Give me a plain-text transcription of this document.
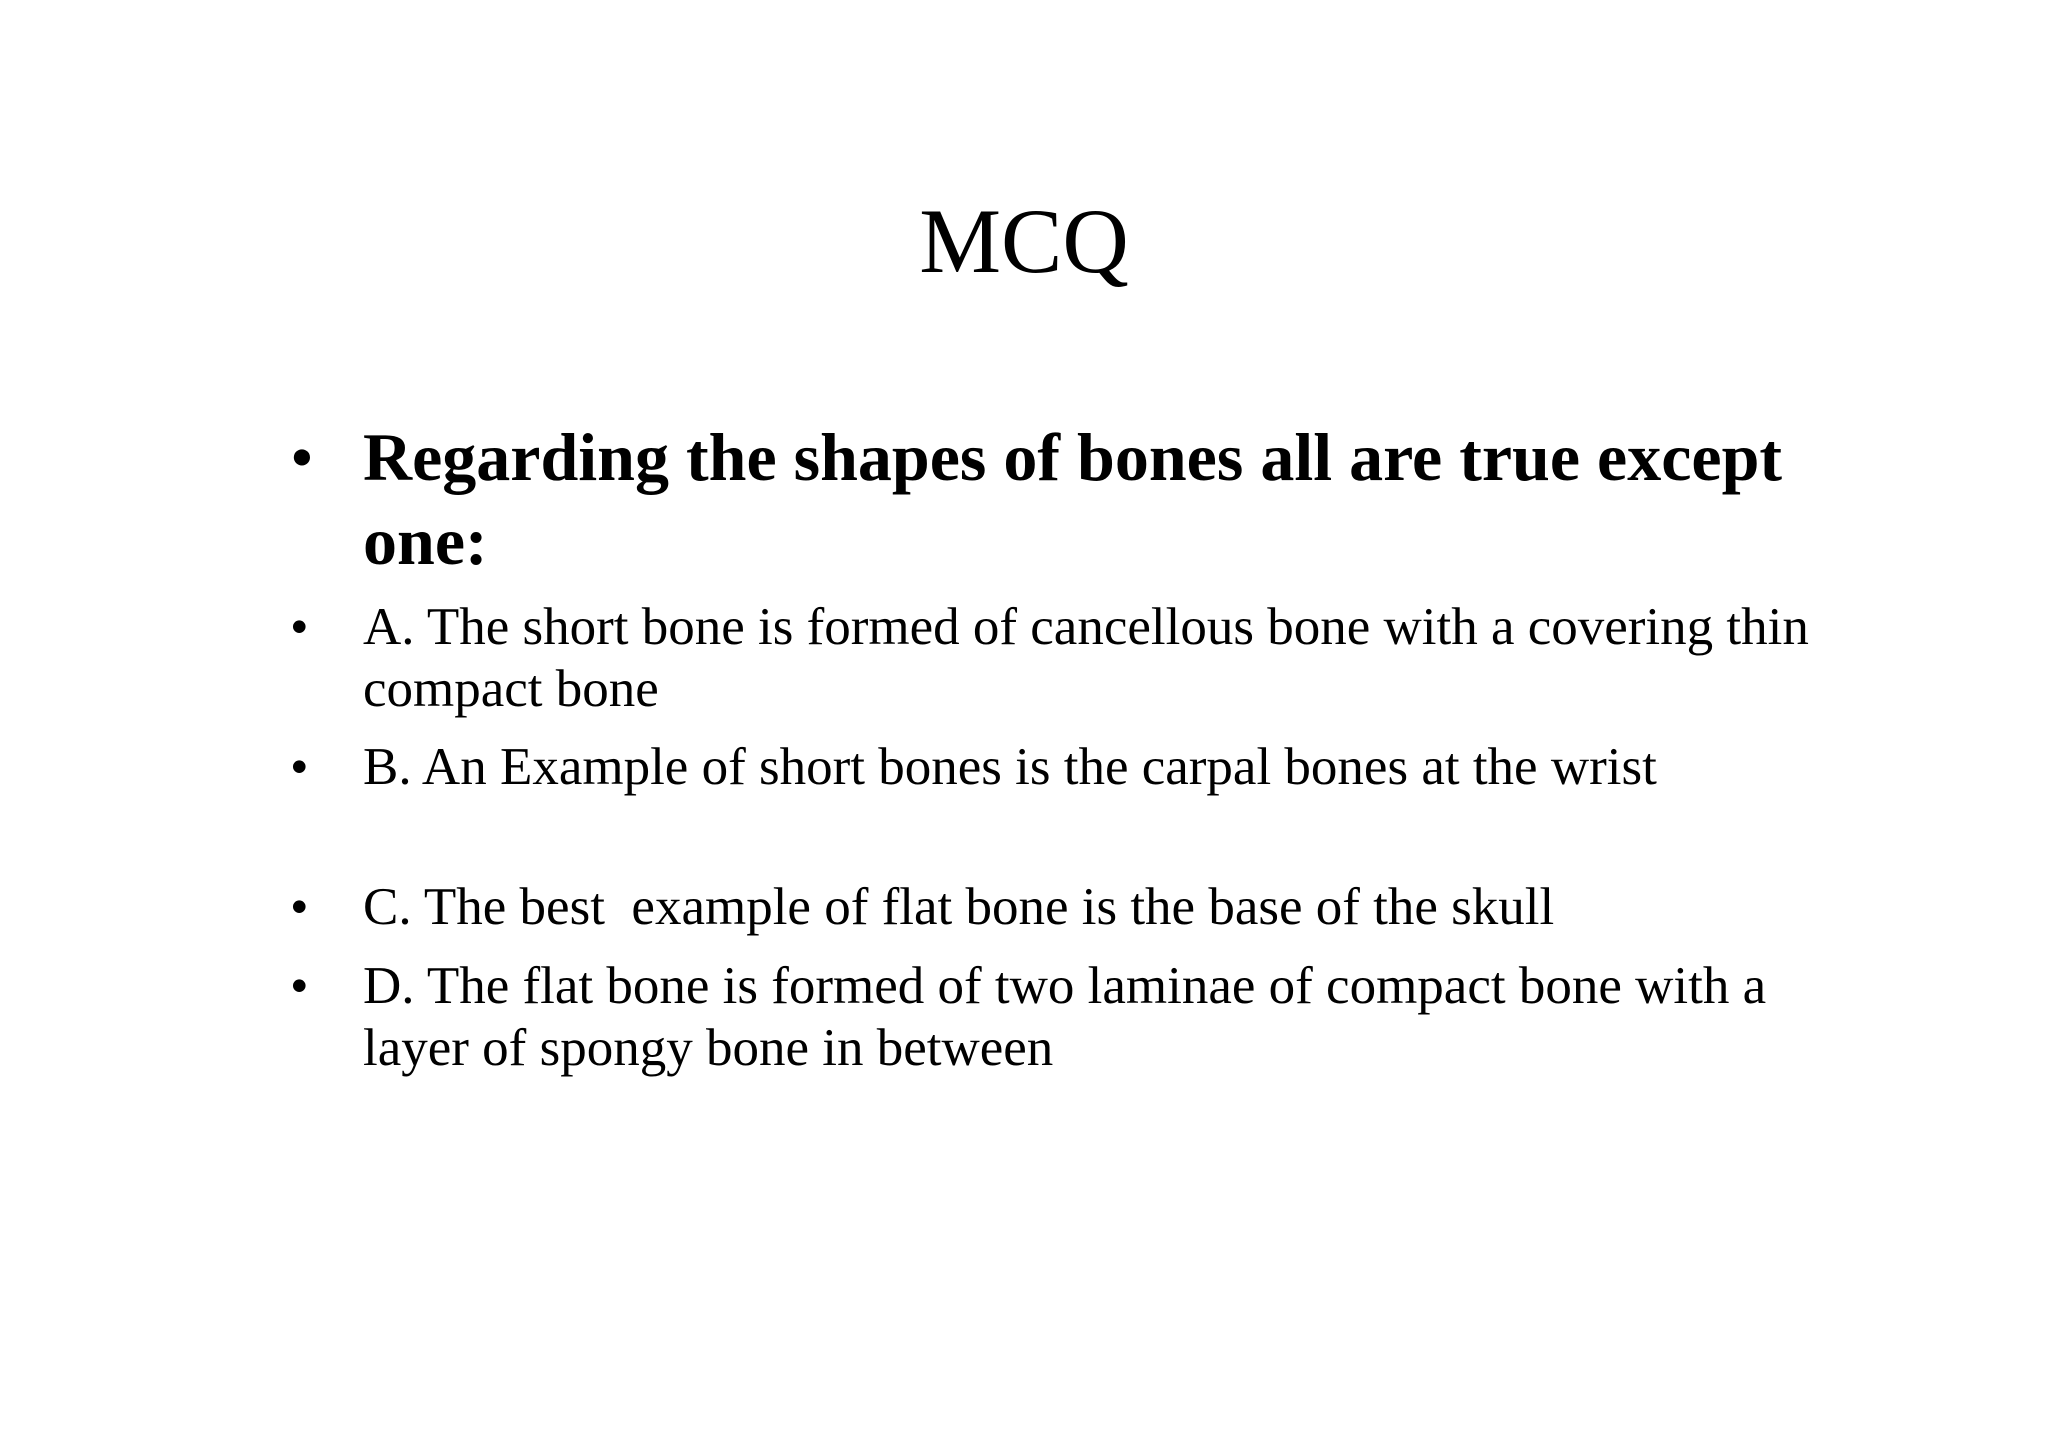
MCQ
• Regarding the shapes of bones all are true except one:
•	A. The short bone is formed of cancellous bone with a covering thin compact bone
•	B. An Example of short bones is the carpal bones at the wrist
•	C. The best  example of flat bone is the base of the skull
•	D. The flat bone is formed of two laminae of compact bone with a layer of spongy bone in between
